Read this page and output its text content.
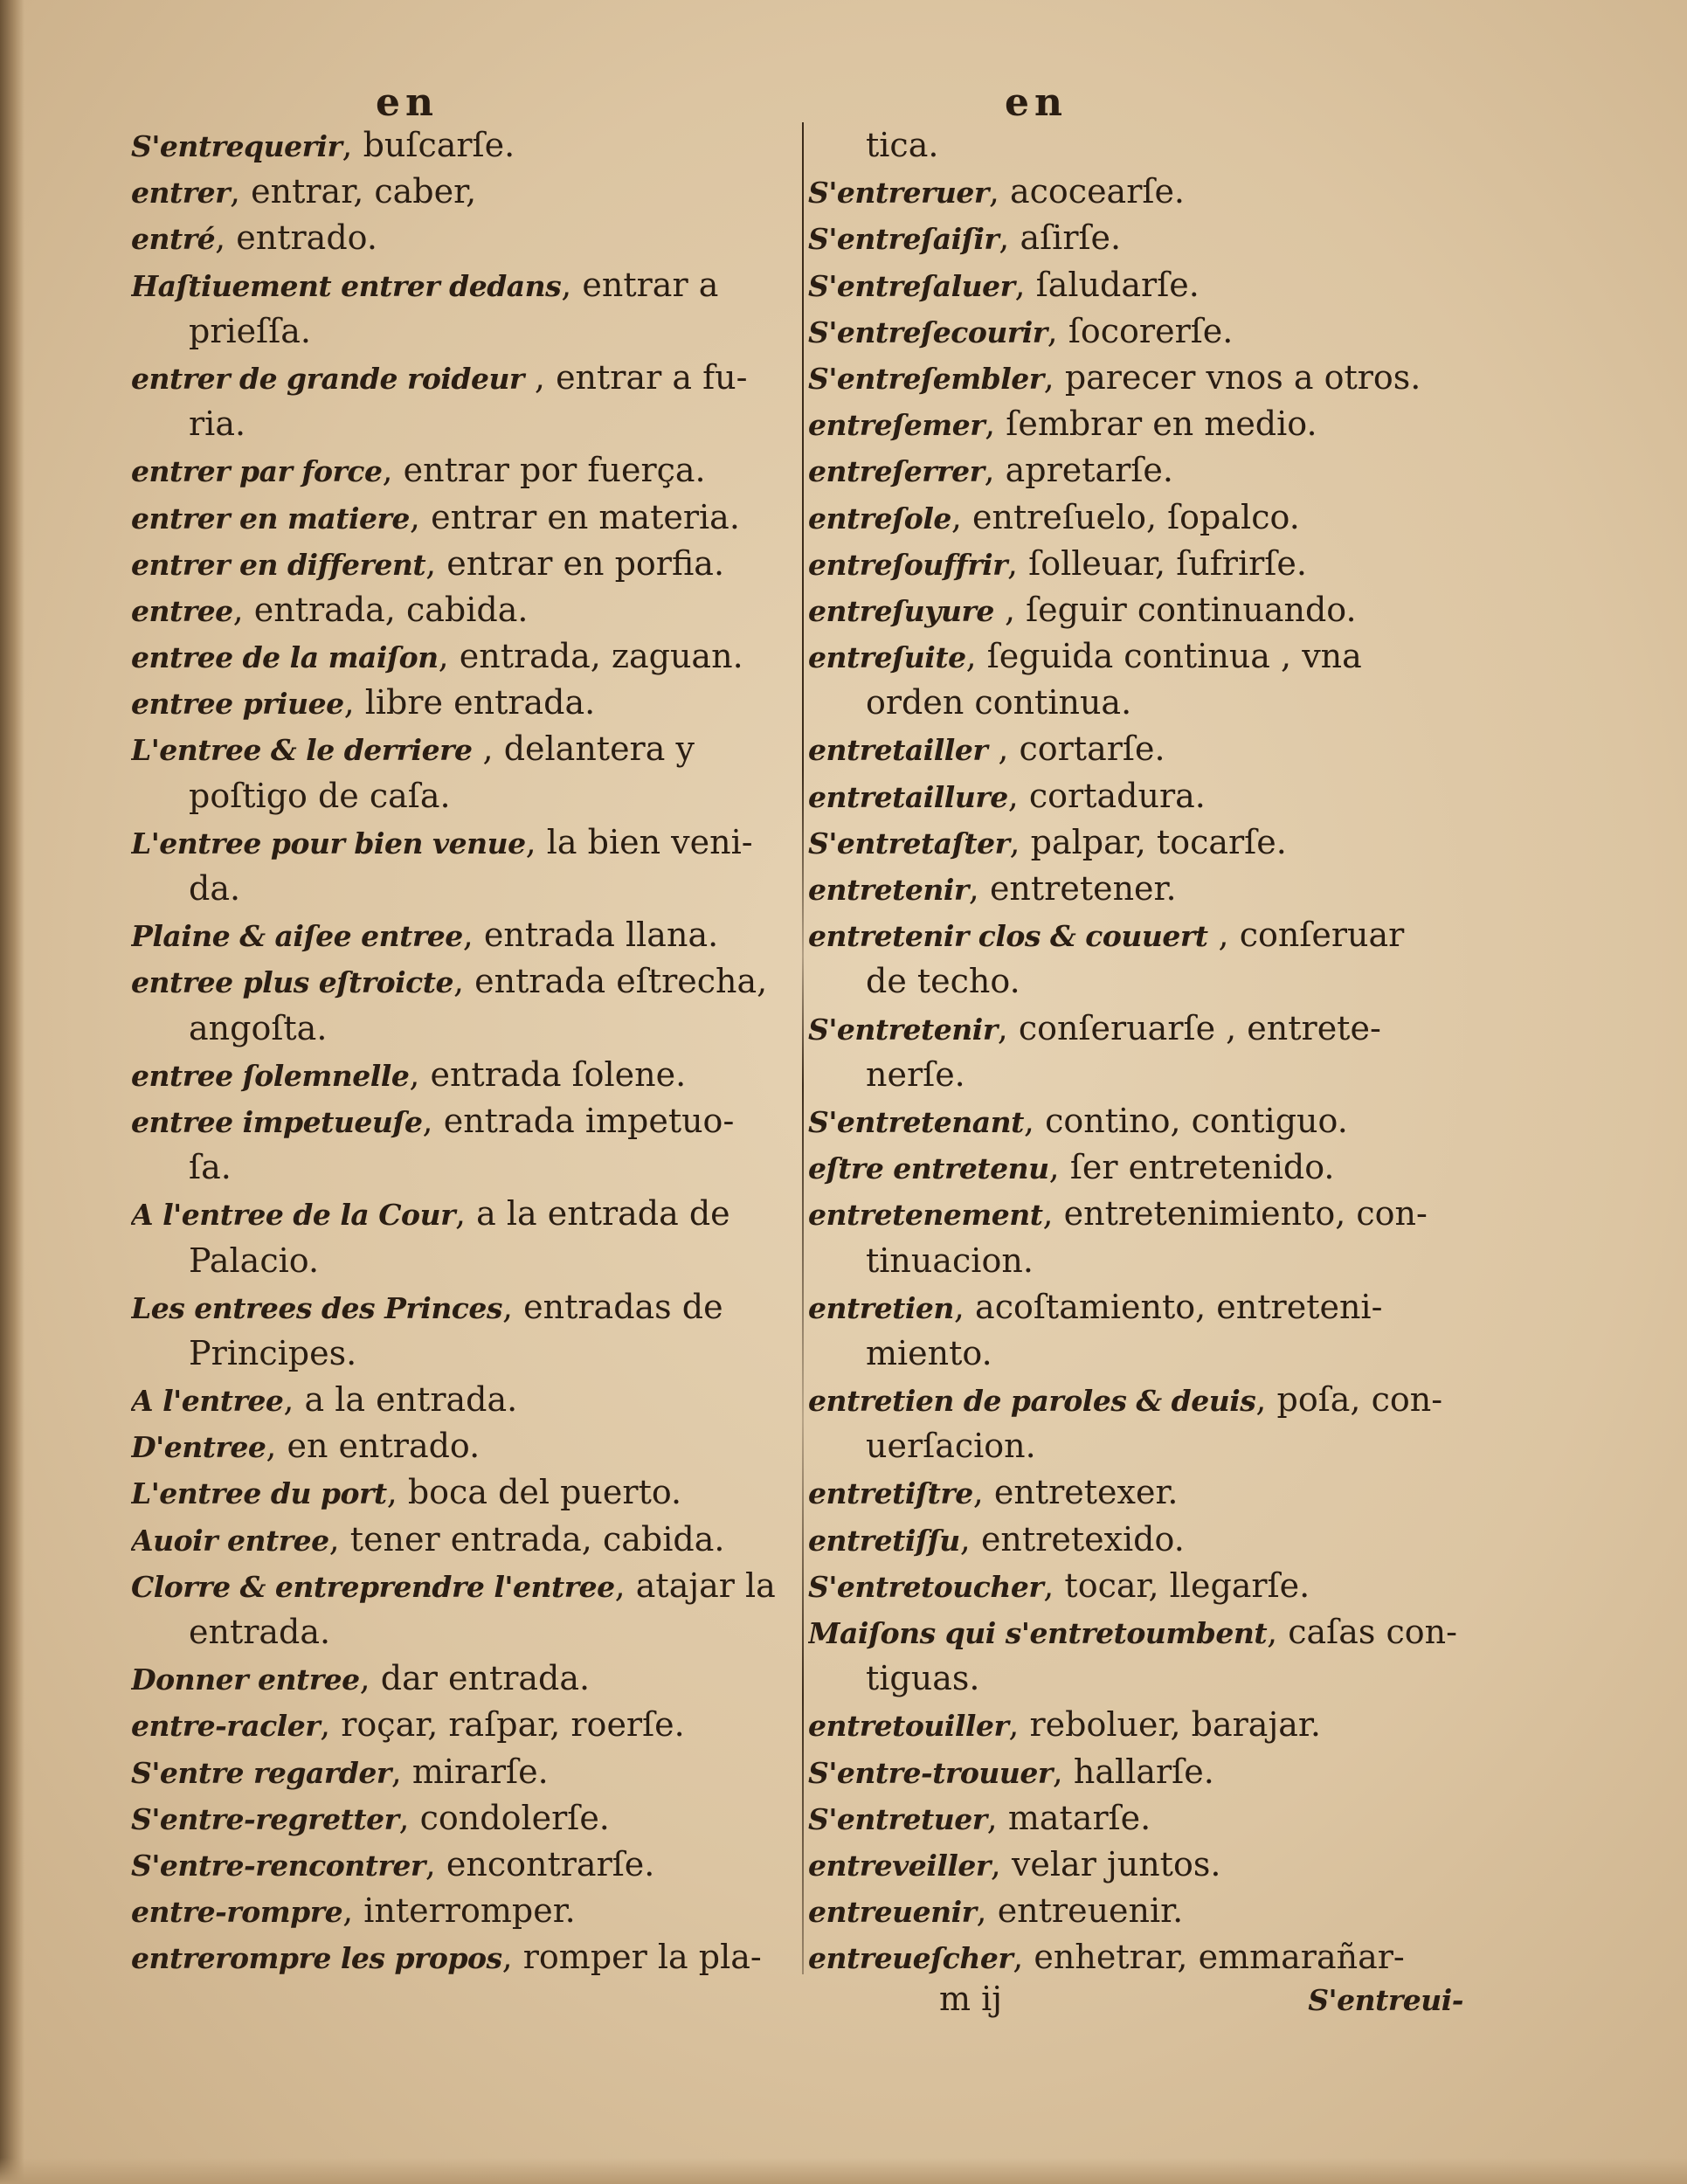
en	en
S'entrequerir, buſcarſe.
entrer, entrar, caber,
entré, entrado.
Haſtiuement entrer dedans, entrar a
prieſſa.
entrer de grande roideur , entrar a fu-
ria.
entrer par force, entrar por fuerça.
entrer en matiere, entrar en materia.
entrer en different, entrar en porfia.
entree, entrada, cabida.
entree de la maiſon, entrada, zaguan.
entree priuee, libre entrada.
L'entree & le derriere , delantera y
poſtigo de caſa.
L'entree pour bien venue, la bien veni-
da.
Plaine & aiſee entree, entrada llana.
entree plus eſtroicte, entrada eſtrecha,
angoſta.
entree ſolemnelle, entrada ſolene.
entree impetueuſe, entrada impetuo-
ſa.
A l'entree de la Cour, a la entrada de
Palacio.
Les entrees des Princes, entradas de
Principes.
A l'entree, a la entrada.
D'entree, en entrado.
L'entree du port, boca del puerto.
Auoir entree, tener entrada, cabida.
Clorre & entreprendre l'entree, atajar la
entrada.
Donner entree, dar entrada.
entre-racler, roçar, raſpar, roerſe.
S'entre regarder, mirarſe.
S'entre-regretter, condolerſe.
S'entre-rencontrer, encontrarſe.
entre-rompre, interromper.
entrerompre les propos, romper la pla-
tica.
S'entreruer, acocearſe.
S'entreſaiſir, aſirſe.
S'entreſaluer, ſaludarſe.
S'entreſecourir, ſocorerſe.
S'entreſembler, parecer vnos a otros.
entreſemer, ſembrar en medio.
entreſerrer, apretarſe.
entreſole, entreſuelo, ſopalco.
entreſouffrir, ſolleuar, ſufrirſe.
entreſuyure , ſeguir continuando.
entreſuite, ſeguida continua , vna
orden continua.
entretailler , cortarſe.
entretaillure, cortadura.
S'entretaſter, palpar, tocarſe.
entretenir, entretener.
entretenir clos & couuert , conſeruar
de techo.
S'entretenir, conſeruarſe , entrete-
nerſe.
S'entretenant, contino, contiguo.
eſtre entretenu, ſer entretenido.
entretenement, entretenimiento, con-
tinuacion.
entretien, acoſtamiento, entreteni-
miento.
entretien de paroles & deuis, poſa, con-
uerſacion.
entretiſtre, entretexer.
entretiſſu, entretexido.
S'entretoucher, tocar, llegarſe.
Maiſons qui s'entretoumbent, caſas con-
tiguas.
entretouiller, reboluer, barajar.
S'entre-trouuer, hallarſe.
S'entretuer, matarſe.
entreveiller, velar juntos.
entreuenir, entreuenir.
entreueſcher, enhetrar, emmarañar-
m ij	S'entreui-
